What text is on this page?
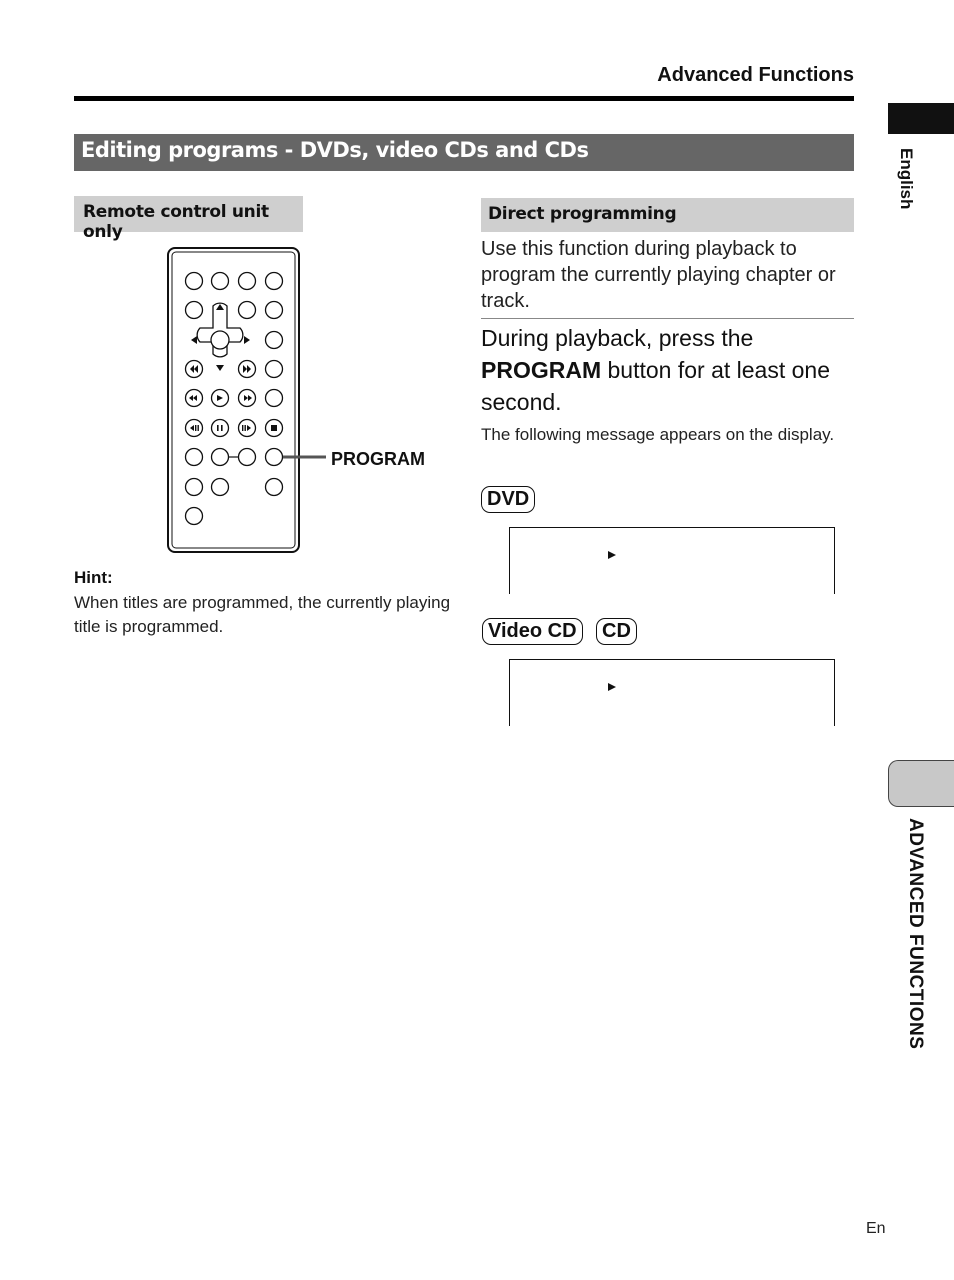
Advanced Functions
English
ADVANCED FUNCTIONS
Editing programs - DVDs, video CDs and CDs
Remote control unit only
PROGRAM
Hint:
When titles are programmed, the currently playing title is programmed.
Direct programming
Use this function during playback to program the currently playing chapter or track.
During playback, press the PROGRAM button for at least one second.
The following message appears on the display.
DVD
Video CD	CD
En
